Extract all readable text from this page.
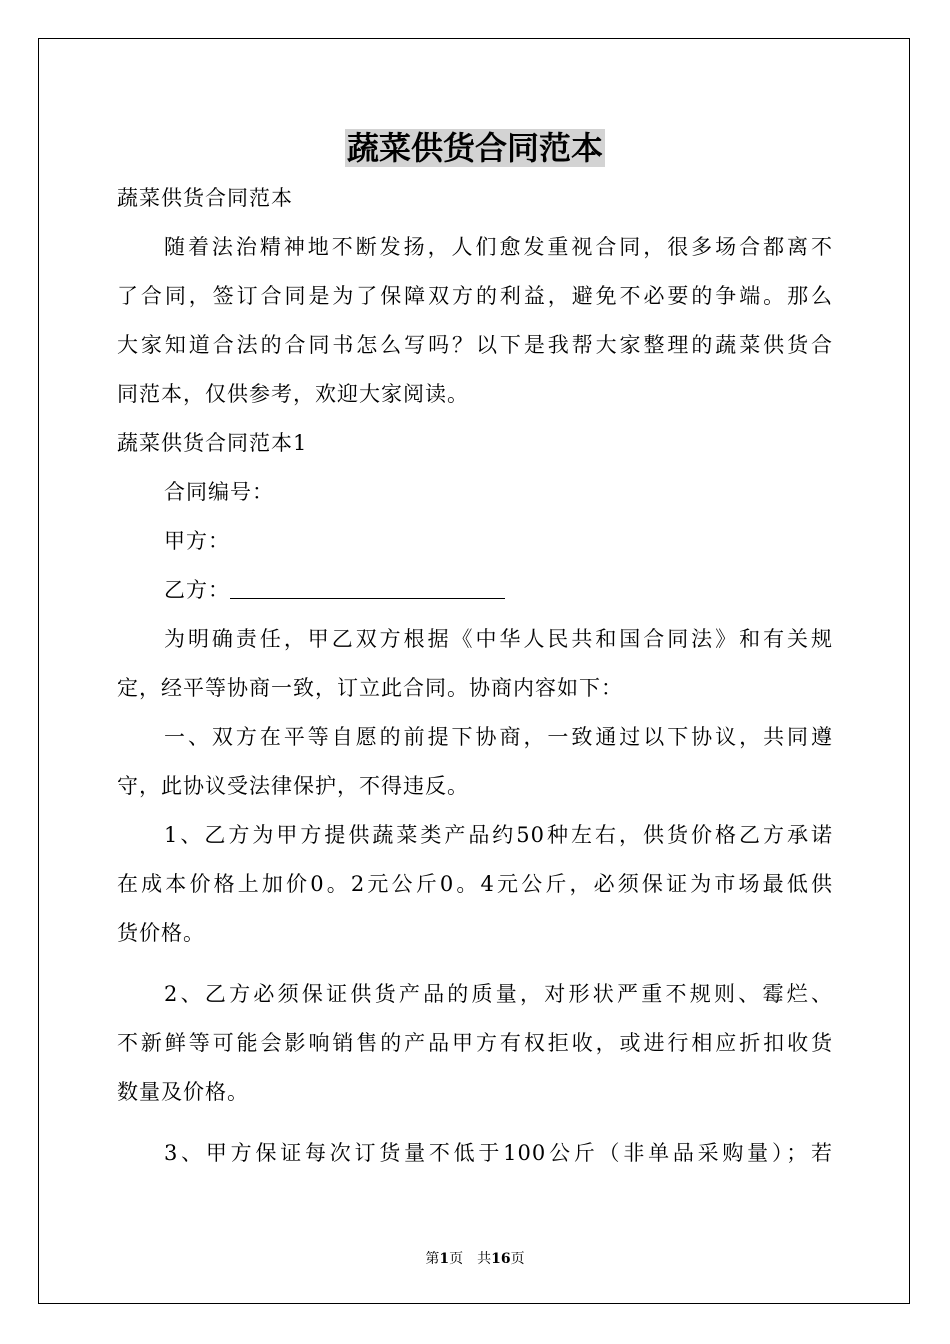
蔬菜供货合同范本
蔬菜供货合同范本
随着法治精神地不断发扬，人们愈发重视合同，很多场合都离不
了合同，签订合同是为了保障双方的利益，避免不必要的争端。那么
大家知道合法的合同书怎么写吗？以下是我帮大家整理的蔬菜供货合
同范本，仅供参考，欢迎大家阅读。
蔬菜供货合同范本1
合同编号：
甲方：
乙方：
为明确责任，甲乙双方根据《中华人民共和国合同法》和有关规
定，经平等协商一致，订立此合同。协商内容如下：
一、双方在平等自愿的前提下协商，一致通过以下协议，共同遵
守，此协议受法律保护，不得违反。
1、乙方为甲方提供蔬菜类产品约50种左右，供货价格乙方承诺
在成本价格上加价0。2元公斤0。4元公斤，必须保证为市场最低供
货价格。
2、乙方必须保证供货产品的质量，对形状严重不规则、霉烂、
不新鲜等可能会影响销售的产品甲方有权拒收，或进行相应折扣收货
数量及价格。
3、甲方保证每次订货量不低于100公斤（非单品采购量）；若
第1页　共16页
